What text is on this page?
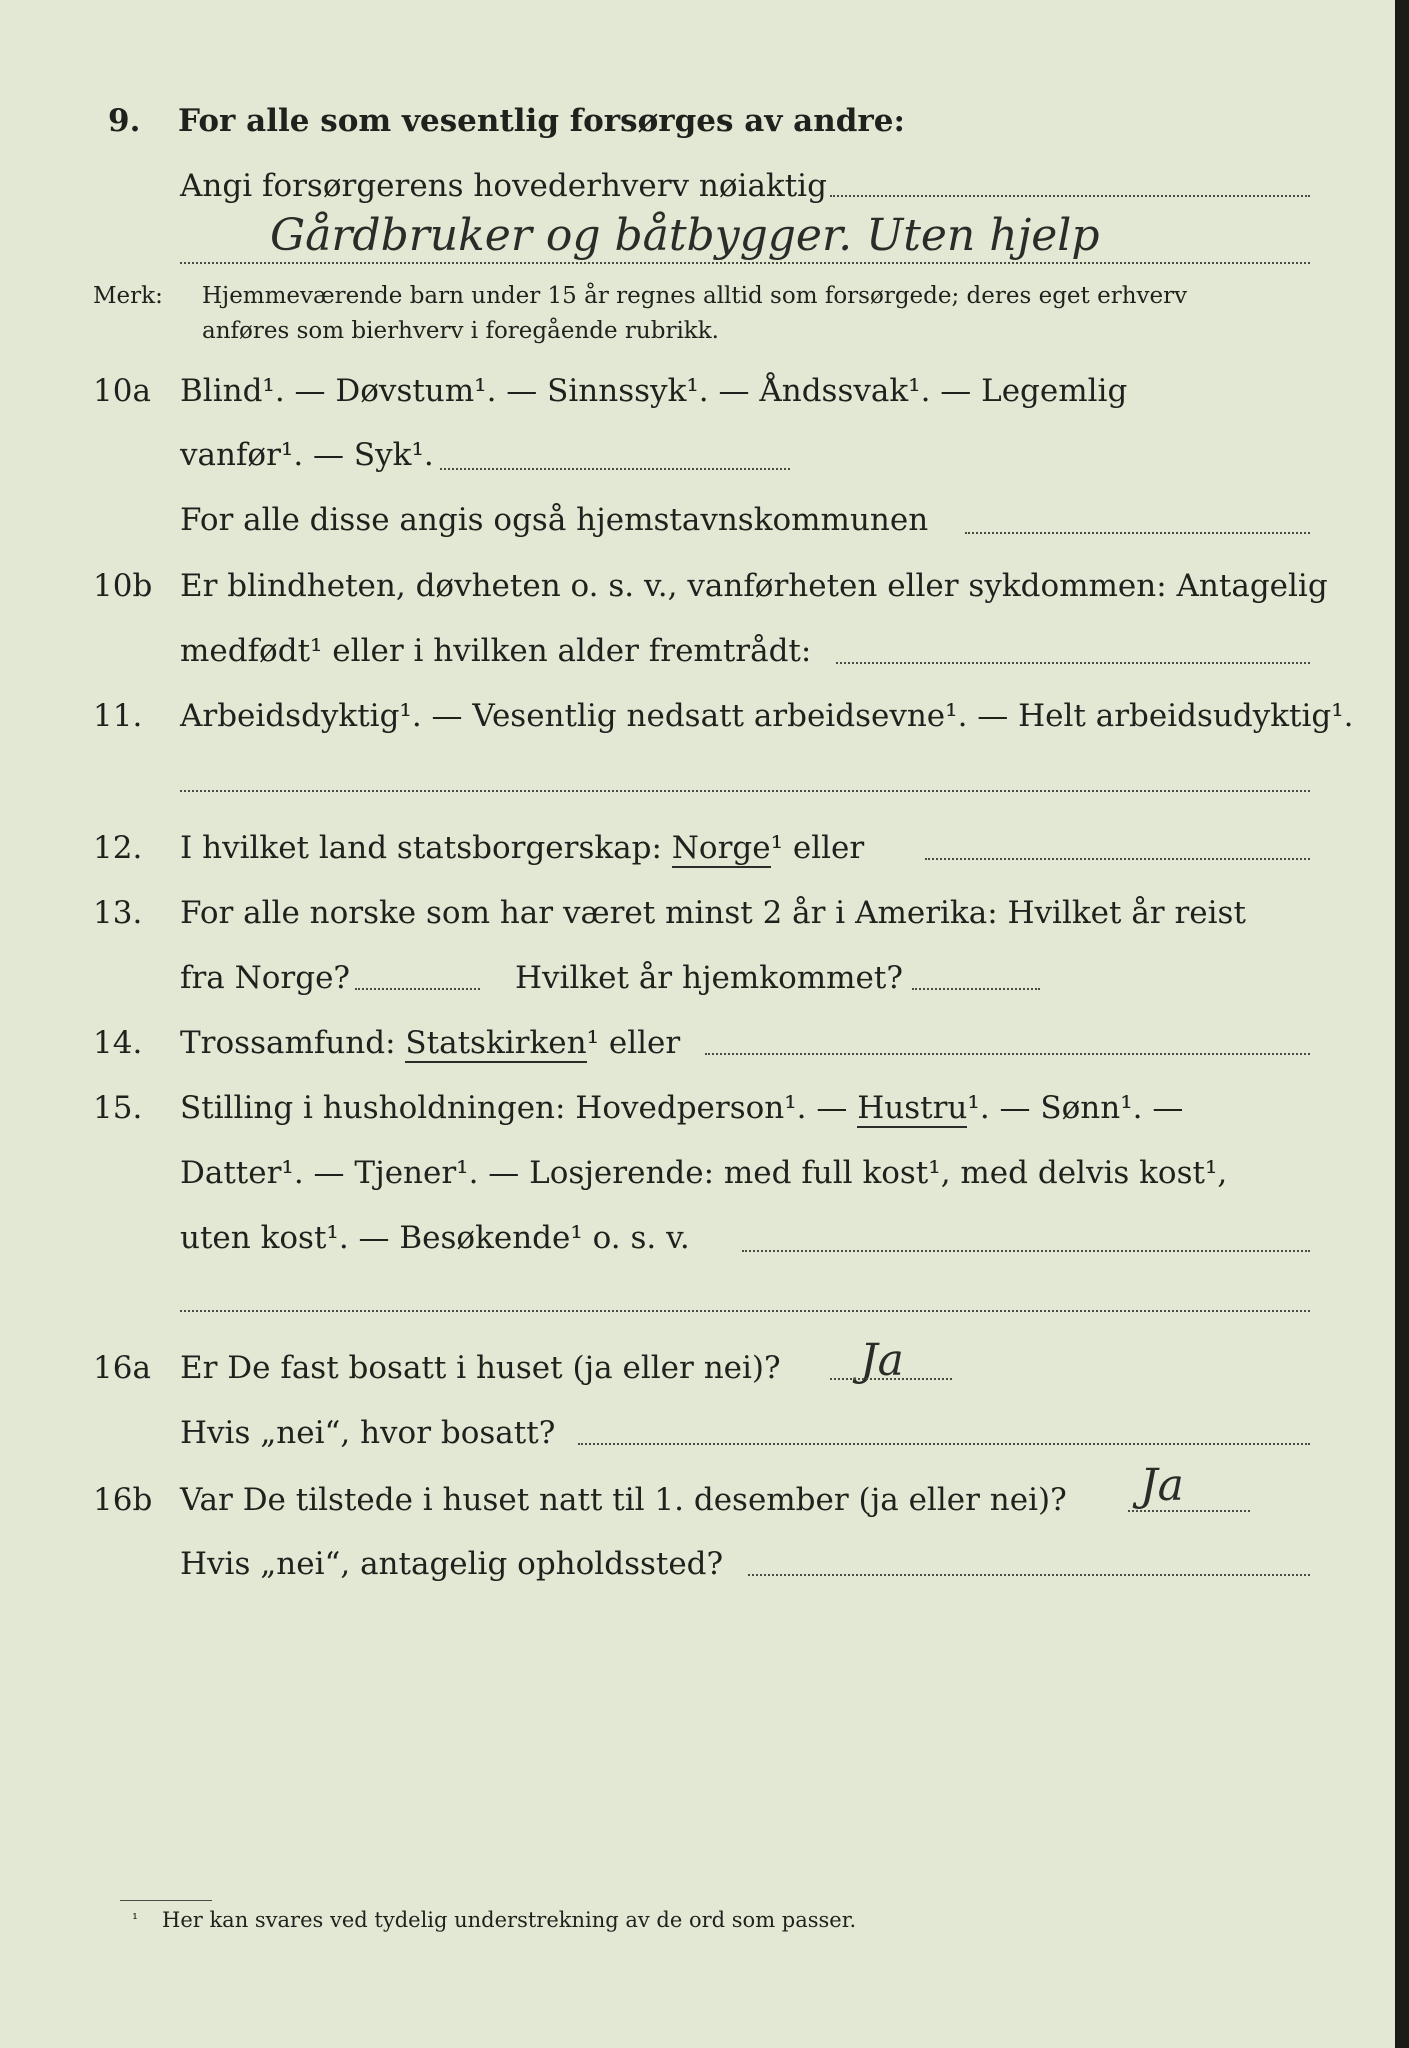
9. For alle som vesentlig forsørges av andre:
Angi forsørgerens hovederhverv nøiaktig
Gårdbruker og båtbygger. Uten hjelp
Merk: Hjemmeværende barn under 15 år regnes alltid som forsørgede; deres eget erhverv
anføres som bierhverv i foregående rubrikk.
10a Blind¹. — Døvstum¹. — Sinnssyk¹. — Åndssvak¹. — Legemlig
vanfør¹. — Syk¹.
For alle disse angis også hjemstavnskommunen
10b Er blindheten, døvheten o. s. v., vanførheten eller sykdommen: Antagelig
medfødt¹ eller i hvilken alder fremtrådt:
11. Arbeidsdyktig¹. — Vesentlig nedsatt arbeidsevne¹. — Helt arbeidsudyktig¹.
12. I hvilket land statsborgerskap: Norge¹ eller
13. For alle norske som har været minst 2 år i Amerika: Hvilket år reist
fra Norge?	Hvilket år hjemkommet?
14. Trossamfund: Statskirken¹ eller
15. Stilling i husholdningen: Hovedperson¹. — Hustru¹. — Sønn¹. —
Datter¹. — Tjener¹. — Losjerende: med full kost¹, med delvis kost¹,
uten kost¹. — Besøkende¹ o. s. v.
16a Er De fast bosatt i huset (ja eller nei)? Ja
Hvis „nei“, hvor bosatt?
16b Var De tilstede i huset natt til 1. desember (ja eller nei)? Ja
Hvis „nei“, antagelig opholdssted?
¹ Her kan svares ved tydelig understrekning av de ord som passer.
